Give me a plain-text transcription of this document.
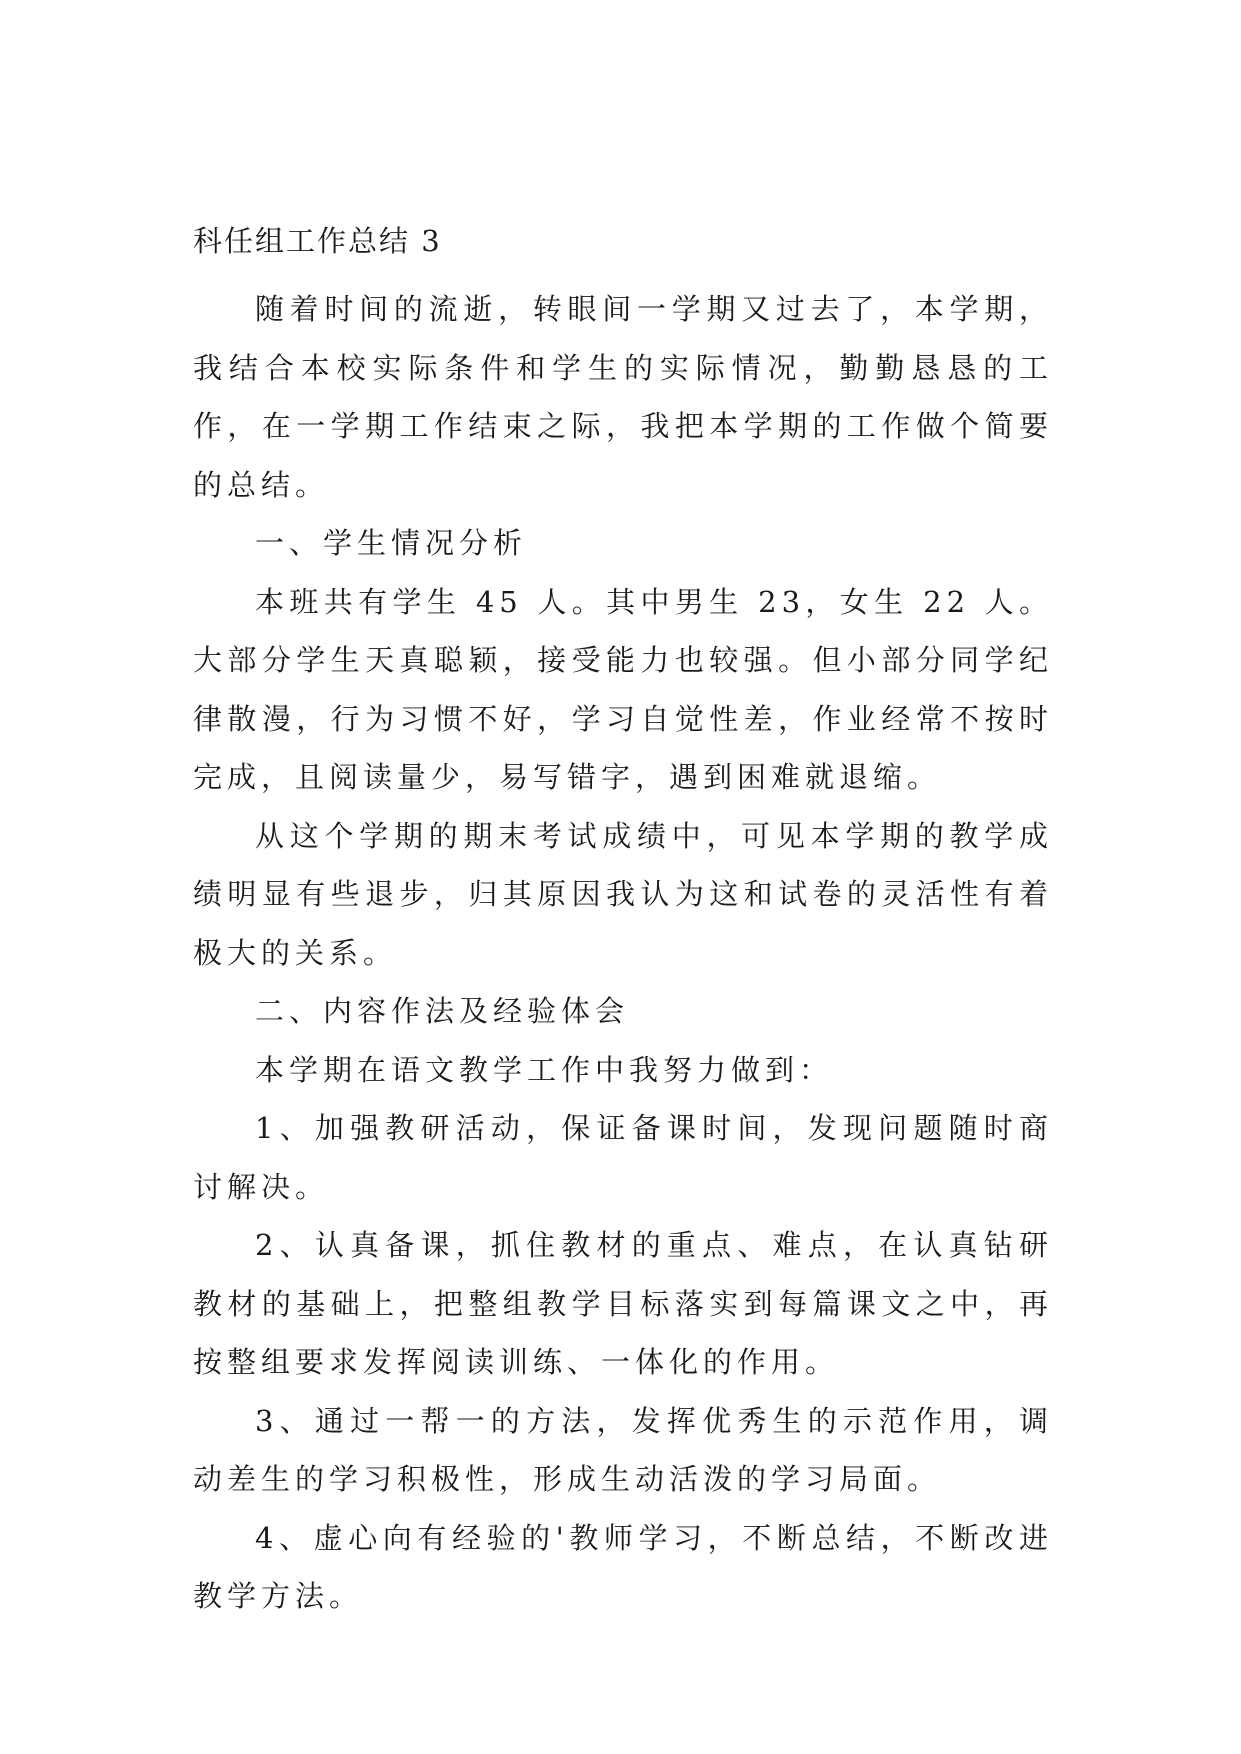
科任组工作总结 3

随着时间的流逝，转眼间一学期又过去了，本学期，我结合本校实际条件和学生的实际情况，勤勤恳恳的工作，在一学期工作结束之际，我把本学期的工作做个简要的总结。

一、学生情况分析

本班共有学生 45 人。其中男生 23，女生 22 人。大部分学生天真聪颖，接受能力也较强。但小部分同学纪律散漫，行为习惯不好，学习自觉性差，作业经常不按时完成，且阅读量少，易写错字，遇到困难就退缩。

从这个学期的期末考试成绩中，可见本学期的教学成绩明显有些退步，归其原因我认为这和试卷的灵活性有着极大的关系。

二、内容作法及经验体会

本学期在语文教学工作中我努力做到：

1、加强教研活动，保证备课时间，发现问题随时商讨解决。

2、认真备课，抓住教材的重点、难点，在认真钻研教材的基础上，把整组教学目标落实到每篇课文之中，再按整组要求发挥阅读训练、一体化的作用。

3、通过一帮一的方法，发挥优秀生的示范作用，调动差生的学习积极性，形成生动活泼的学习局面。

4、虚心向有经验的'教师学习，不断总结，不断改进教学方法。
